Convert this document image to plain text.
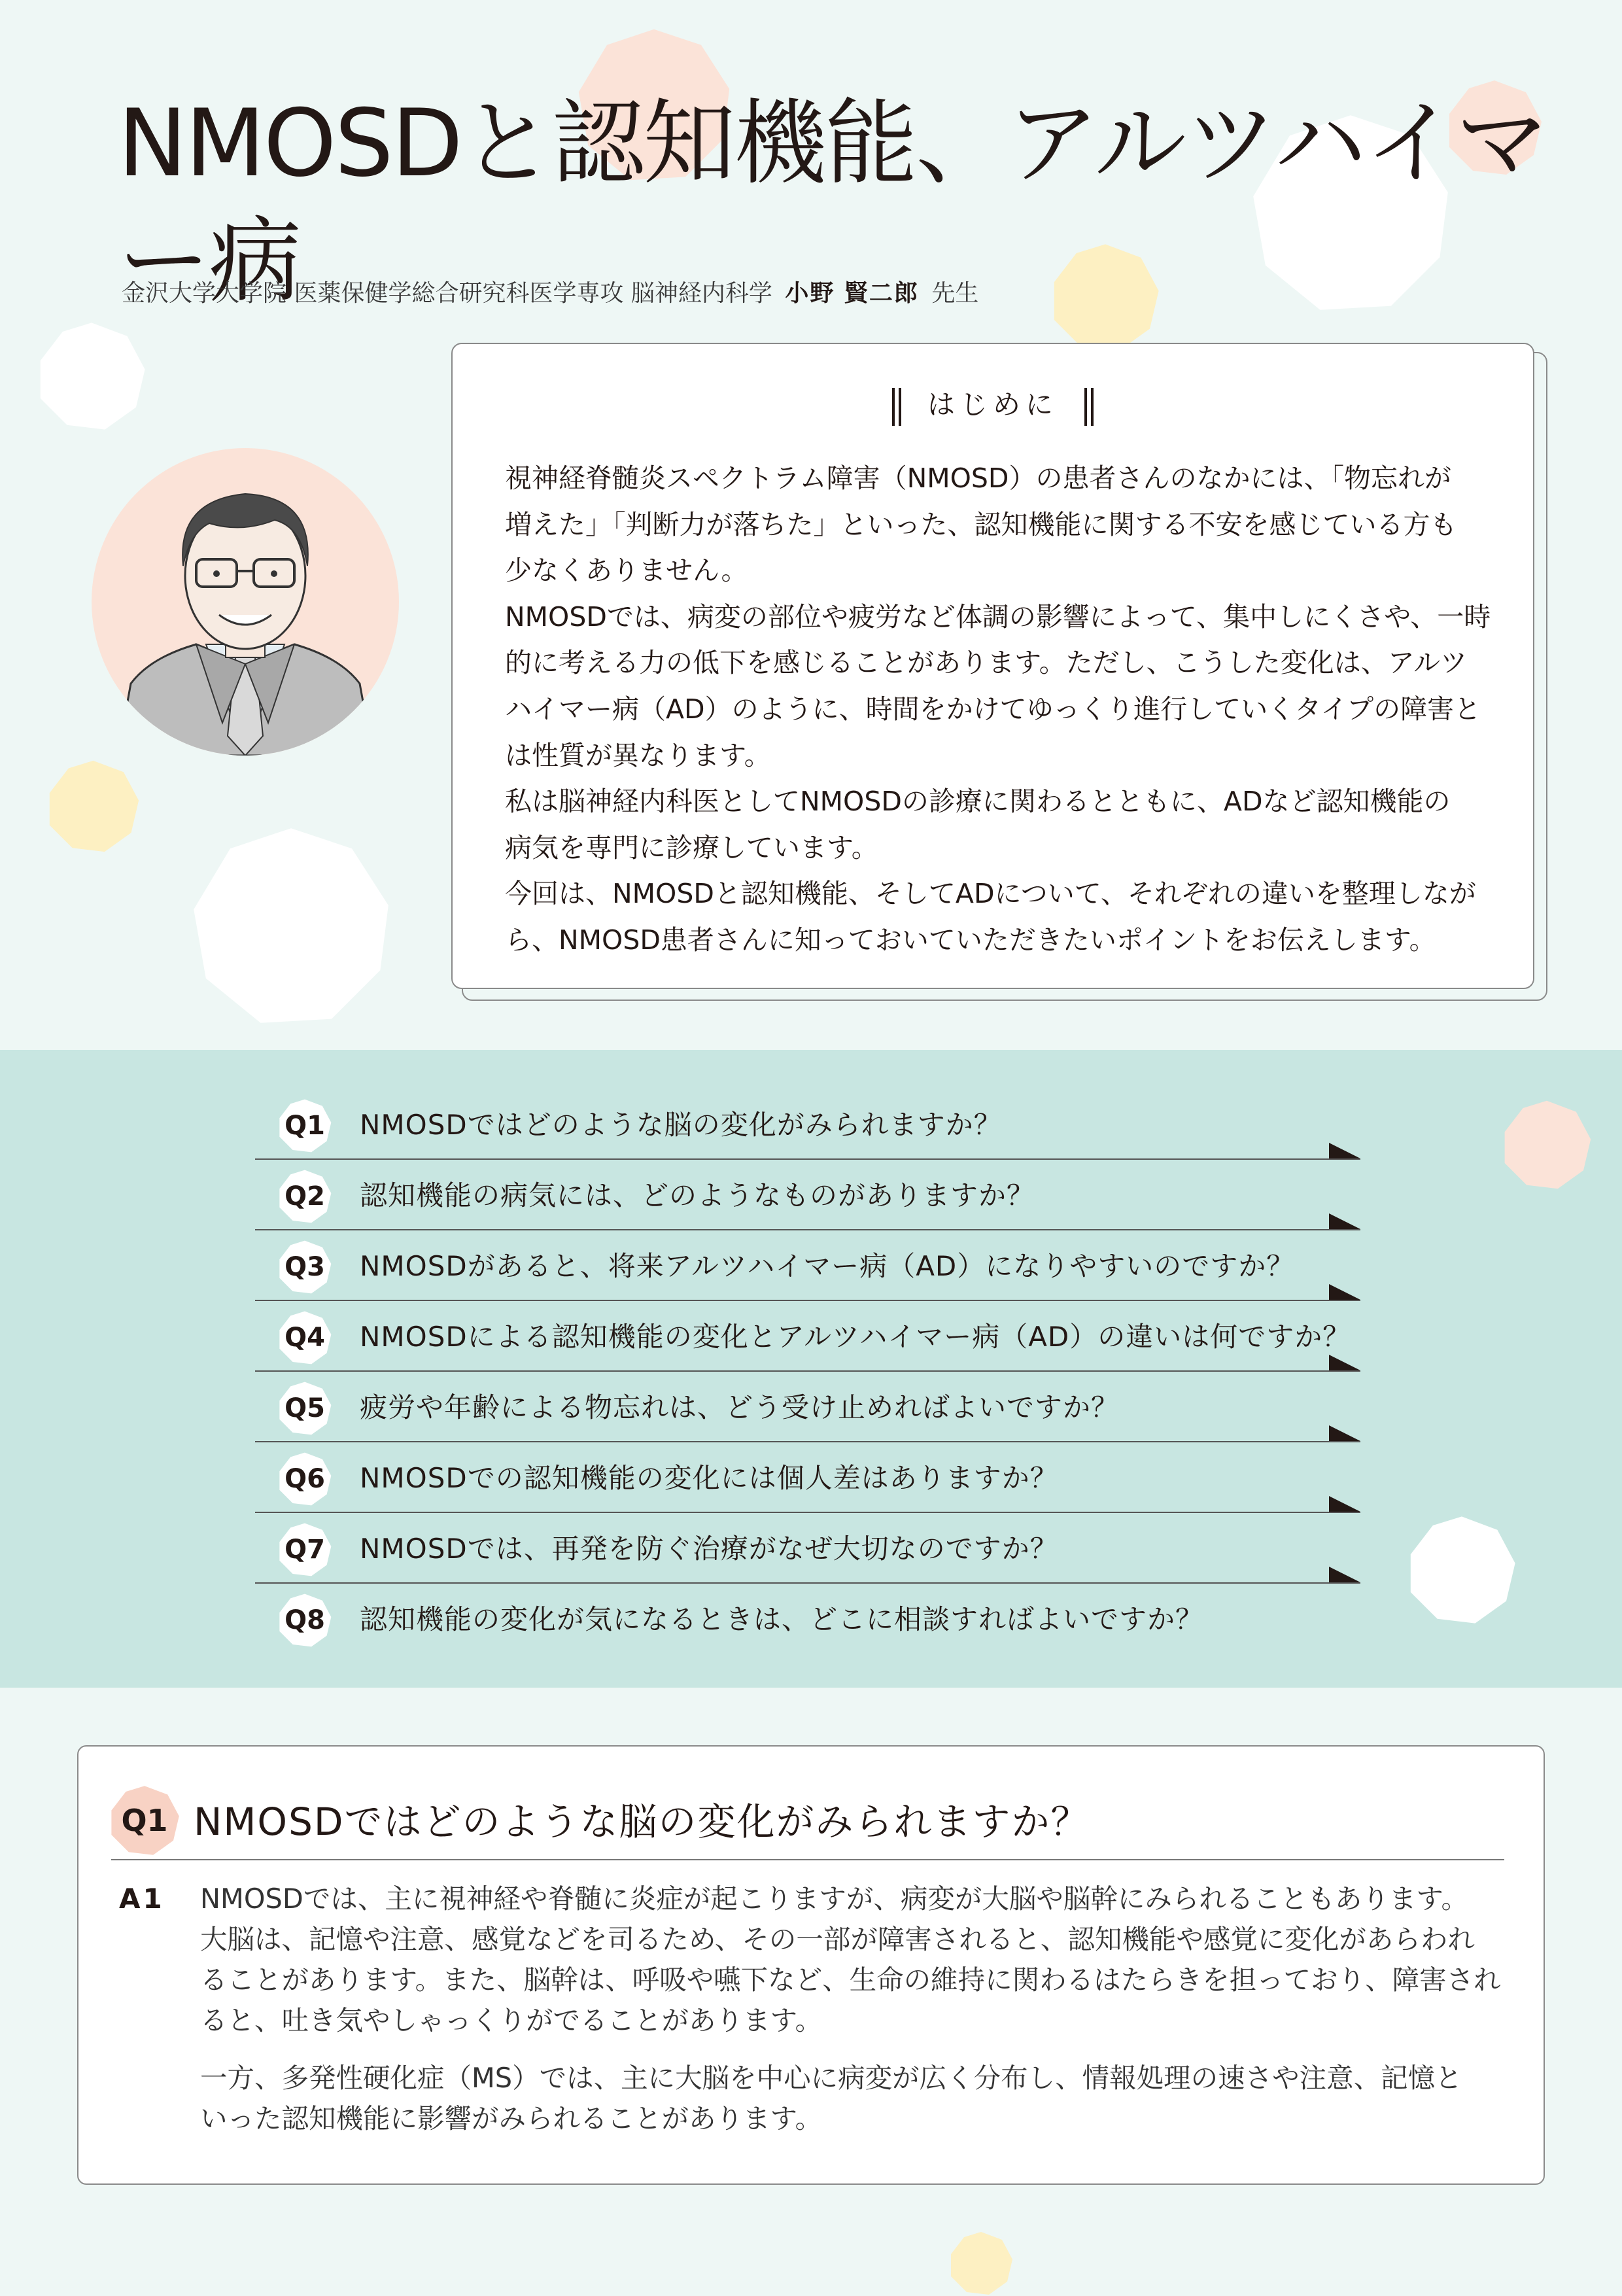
NMOSDと認知機能、アルツハイマー病
金沢大学大学院 医薬保健学総合研究科医学専攻 脳神経内科学 小野 賢二郎 先生
はじめに

視神経脊髄炎スペクトラム障害（NMOSD）の患者さんのなかには、「物忘れが

増えた」「判断力が落ちた」といった、認知機能に関する不安を感じている方も

少なくありません。

NMOSDでは、病変の部位や疲労など体調の影響によって、集中しにくさや、一時

的に考える力の低下を感じることがあります。ただし、こうした変化は、アルツ

ハイマー病（AD）のように、時間をかけてゆっくり進行していくタイプの障害と

は性質が異なります。

私は脳神経内科医としてNMOSDの診療に関わるとともに、ADなど認知機能の

病気を専門に診療しています。

今回は、NMOSDと認知機能、そしてADについて、それぞれの違いを整理しなが

ら、NMOSD患者さんに知っておいていただきたいポイントをお伝えします。

Q1 NMOSDではどのような脳の変化がみられますか？
Q2 認知機能の病気には、どのようなものがありますか？
Q3 NMOSDがあると、将来アルツハイマー病（AD）になりやすいのですか？
Q4 NMOSDによる認知機能の変化とアルツハイマー病（AD）の違いは何ですか？
Q5 疲労や年齢による物忘れは、どう受け止めればよいですか？
Q6 NMOSDでの認知機能の変化には個人差はありますか？
Q7 NMOSDでは、再発を防ぐ治療がなぜ大切なのですか？
Q8 認知機能の変化が気になるときは、どこに相談すればよいですか？
Q1 NMOSDではどのような脳の変化がみられますか？
A1 NMOSDでは、主に視神経や脊髄に炎症が起こりますが、病変が大脳や脳幹にみられることもあります。
大脳は、記憶や注意、感覚などを司るため、その一部が障害されると、認知機能や感覚に変化があらわれ
ることがあります。また、脳幹は、呼吸や嚥下など、生命の維持に関わるはたらきを担っており、障害され
ると、吐き気やしゃっくりがでることがあります。

一方、多発性硬化症（MS）では、主に大脳を中心に病変が広く分布し、情報処理の速さや注意、記憶と
いった認知機能に影響がみられることがあります。
